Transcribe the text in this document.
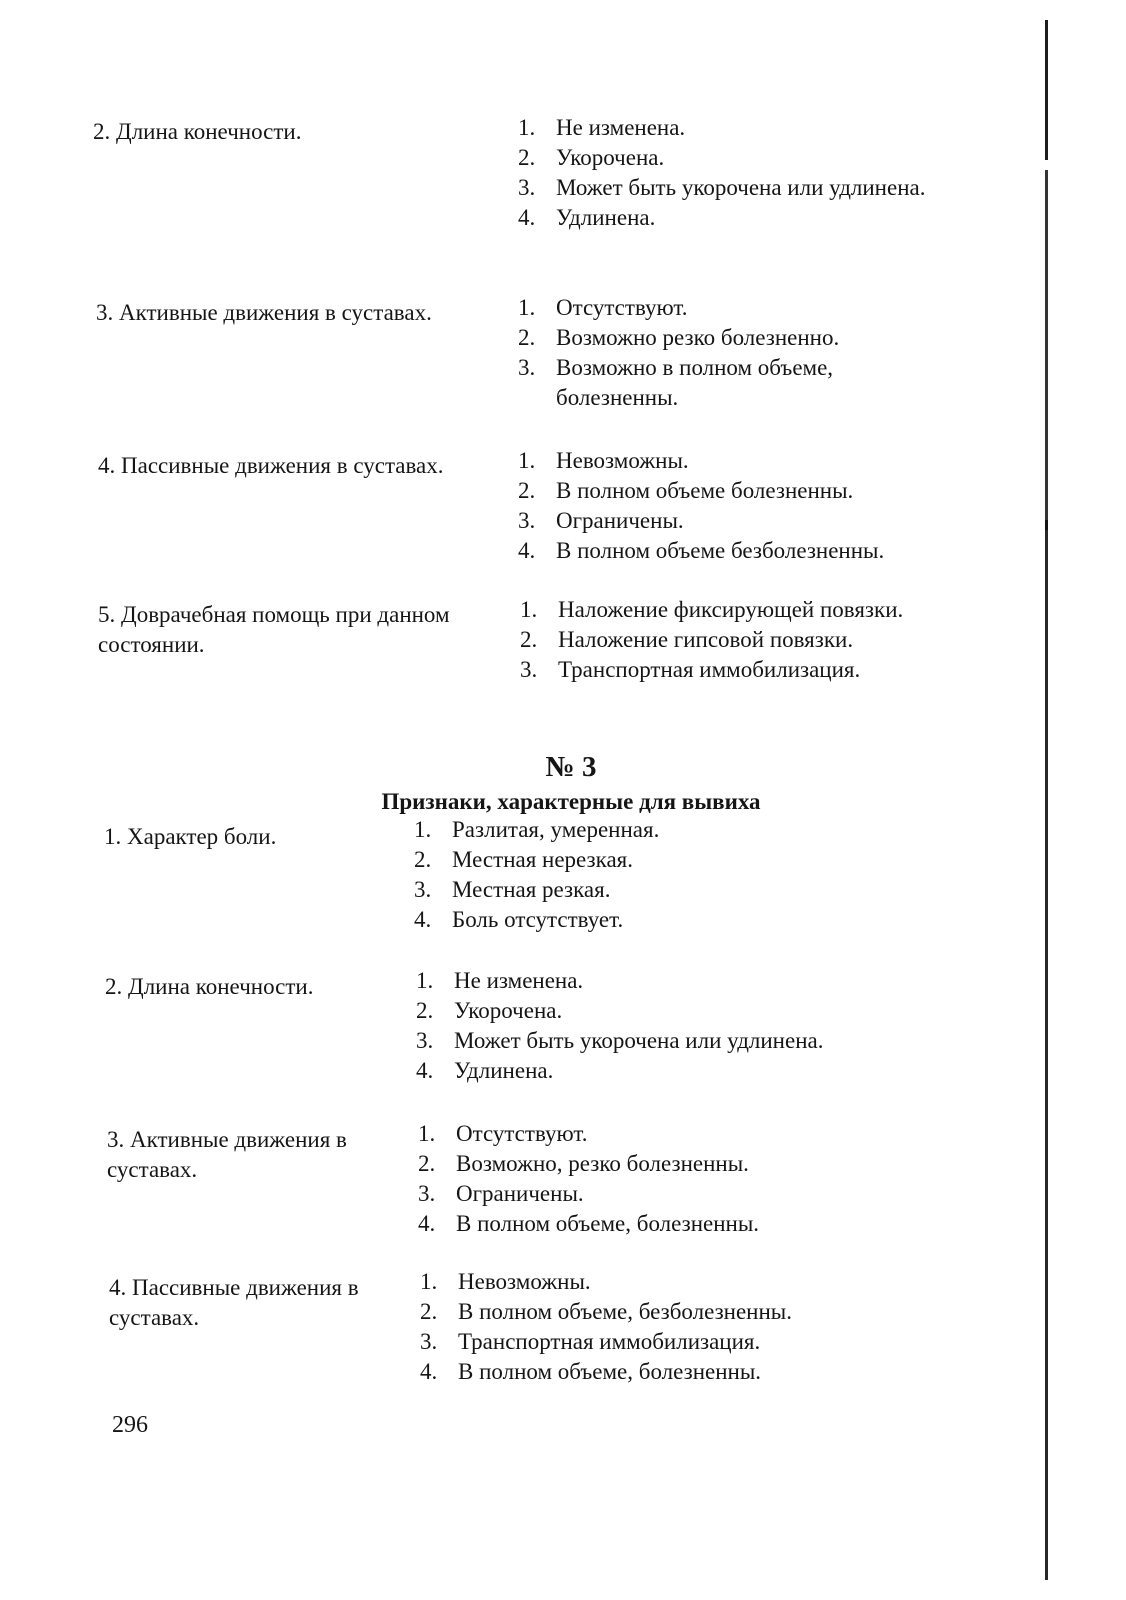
2. Длина конечности.	1. Не изменена.
2. Укорочена.
3. Может быть укорочена или удлинена.
4. Удлинена.
3. Активные движения в суставах.	1. Отсутствуют.
2. Возможно резко болезненно.
3. Возможно в полном объеме, болезненны.
4. Пассивные движения в суставах.	1. Невозможны.
2. В полном объеме болезненны.
3. Ограничены.
4. В полном объеме безболезненны.
5. Доврачебная помощь при данном состоянии.
1. Наложение фиксирующей повязки.
2. Наложение гипсовой повязки.
3. Транспортная иммобилизация.
№ 3
Признаки, характерные для вывиха
1. Характер боли.	1. Разлитая, умеренная.
2. Местная нерезкая.
3. Местная резкая.
4. Боль отсутствует.
2. Длина конечности.	1. Не изменена.
2. Укорочена.
3. Может быть укорочена или удлинена.
4. Удлинена.
3. Активные движения в суставах.
1. Отсутствуют.
2. Возможно, резко болезненны.
3. Ограничены.
4. В полном объеме, болезненны.
4. Пассивные движения в суставах.
1. Невозможны.
2. В полном объеме, безболезненны.
3. Транспортная иммобилизация.
4. В полном объеме, болезненны.
296
